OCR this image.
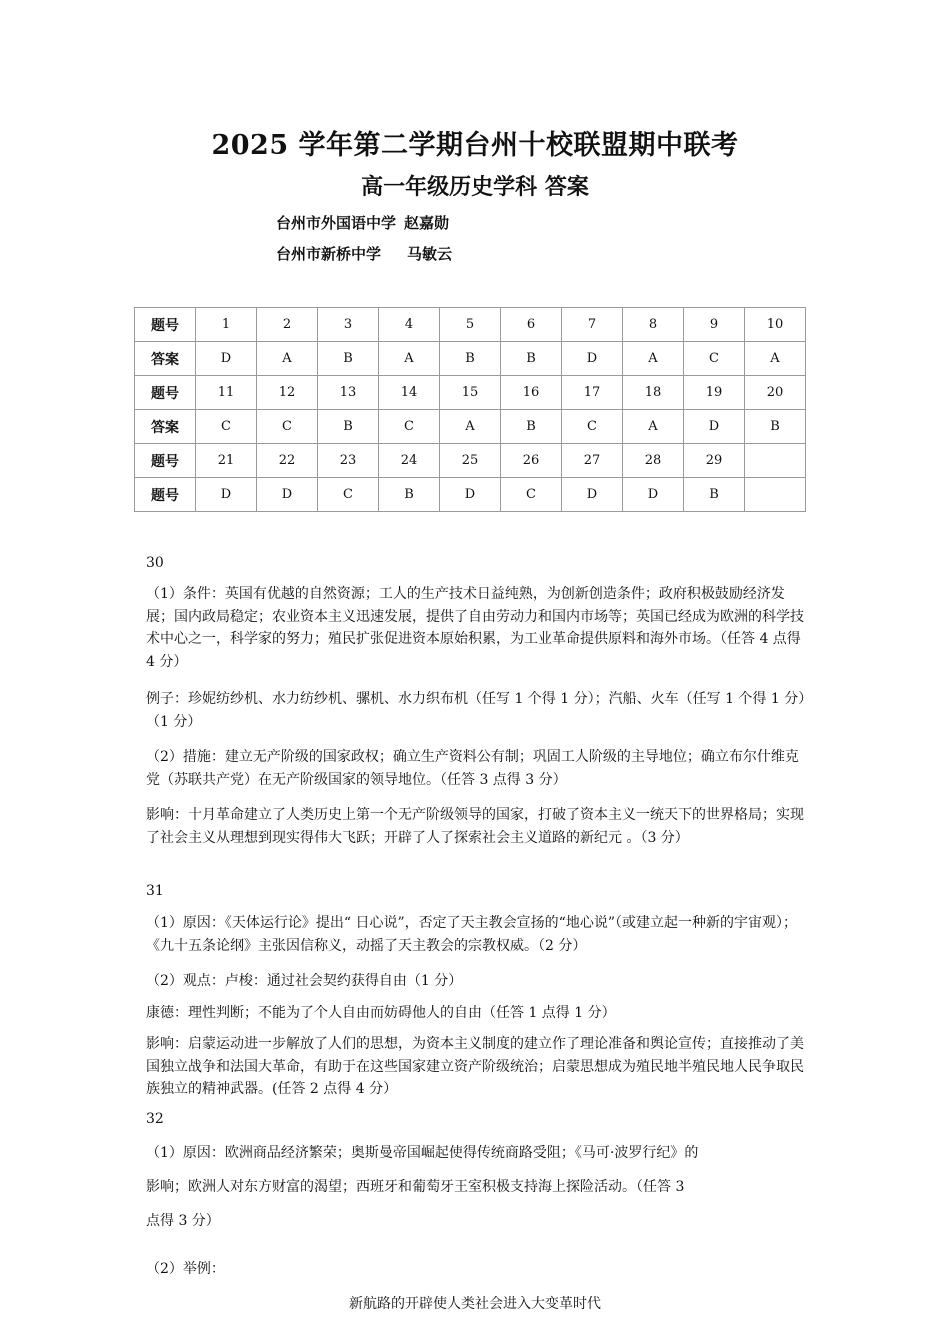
2025 学年第二学期台州十校联盟期中联考
高一年级历史学科 答案
台州市外国语中学 赵嘉勋
台州市新桥中学 马敏云
题号	1	2	3	4	5	6	7	8	9	10
答案	D	A	B	A	B	B	D	A	C	A
题号	11	12	13	14	15	16	17	18	19	20
答案	C	C	B	C	A	B	C	A	D	B
题号	21	22	23	24	25	26	27	28	29	
题号	D	D	C	B	D	C	D	D	B	
30
（1）条件：英国有优越的自然资源；工人的生产技术日益纯熟，为创新创造条件；政府积极鼓励经济发展；国内政局稳定；农业资本主义迅速发展，提供了自由劳动力和国内市场等；英国已经成为欧洲的科学技术中心之一，科学家的努力；殖民扩张促进资本原始积累，为工业革命提供原料和海外市场。（任答 4 点得 4 分）
例子：珍妮纺纱机、水力纺纱机、骡机、水力织布机（任写 1 个得 1 分）；汽船、火车（任写 1 个得 1 分）（1 分）
（2）措施：建立无产阶级的国家政权；确立生产资料公有制；巩固工人阶级的主导地位；确立布尔什维克党（苏联共产党）在无产阶级国家的领导地位。（任答 3 点得 3 分）
影响：十月革命建立了人类历史上第一个无产阶级领导的国家，打破了资本主义一统天下的世界格局；实现了社会主义从理想到现实得伟大飞跃；开辟了人了探索社会主义道路的新纪元 。（3 分）
31
（1）原因：《天体运行论》提出“ 日心说”，否定了天主教会宣扬的“地心说”（或建立起一种新的宇宙观）；《九十五条论纲》主张因信称义，动摇了天主教会的宗教权威。（2 分）
（2）观点：卢梭：通过社会契约获得自由（1 分）
康德：理性判断；不能为了个人自由而妨碍他人的自由（任答 1 点得 1 分）
影响：启蒙运动进一步解放了人们的思想，为资本主义制度的建立作了理论准备和舆论宣传；直接推动了美国独立战争和法国大革命，有助于在这些国家建立资产阶级统治；启蒙思想成为殖民地半殖民地人民争取民族独立的精神武器。(任答 2 点得 4 分）
32
（1）原因：欧洲商品经济繁荣；奥斯曼帝国崛起使得传统商路受阻；《马可·波罗行纪》的
影响；欧洲人对东方财富的渴望；西班牙和葡萄牙王室积极支持海上探险活动。（任答 3
点得 3 分）
（2）举例：
新航路的开辟使人类社会进入大变革时代
